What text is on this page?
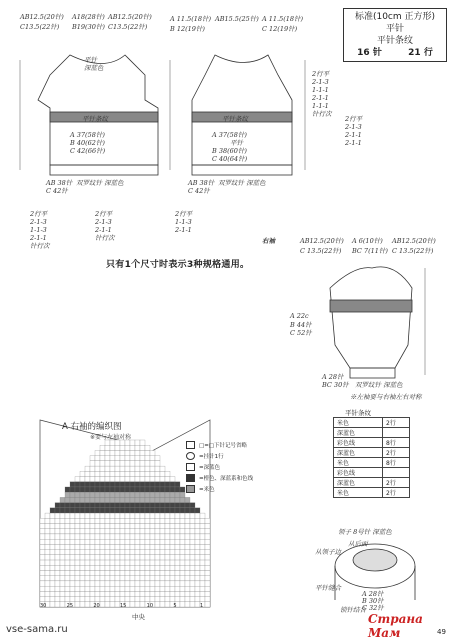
标准(10cm 正方形)
平针
平针条纹
16 针	21 行
AB12.5(20针) A18(28针) AB12.5(20针)
C13.5(22针) B19(30针) C13.5(22针)
平针
深蓝色
平针条纹
A 37(58针)
B 40(62针)
C 42(66针)
AB 38针
C 42针
双罗纹针 深蓝色
A 11.5(18针) AB15.5(25针) A 11.5(18针)
B 12(19针)	C 12(19针)
平针条纹
平针
A 37(58针)
B 38(60针)
C 40(64针)
AB 38针
C 42针
双罗纹针 深蓝色
2行平
2-1-3
1-1-1
2-1-1
1-1-1
针行次
2行平
2-1-3
2-1-1
2-1-1
2行平
2-1-3
1-1-3
2-1-1
针行次
2行平
2-1-3
2-1-1
针行次
2行平
1-1-3
2-1-1
只有1个尺寸时表示3种规格通用。
右袖	AB12.5(20针) A 6(10针) AB12.5(20针)
C 13.5(22针) BC 7(11针) C 13.5(22针)
A 22c
B 44针
C 52针
A 28针
BC 30针 双罗纹针 深蓝色
※左袖要与右袖左右对称
平针条纹
米色	2行
深蓝色	
彩色线	8行
深蓝色	2行
米色	8行
彩色线	
深蓝色	2行
米色	2行
领子 8号针 深蓝色
从后面
从领子边
平针缝合
锁针结合
A 28针
B 30针
C 32针
A 右袖的编织图
※要与左袖对称
□=□下针记号省略
=挂针1行
=深蓝色
=橙色、深蓝系和色线
=米色
中央
30	25	20	15	10	5	1
vse-sama.ru
Страна Мам	49
